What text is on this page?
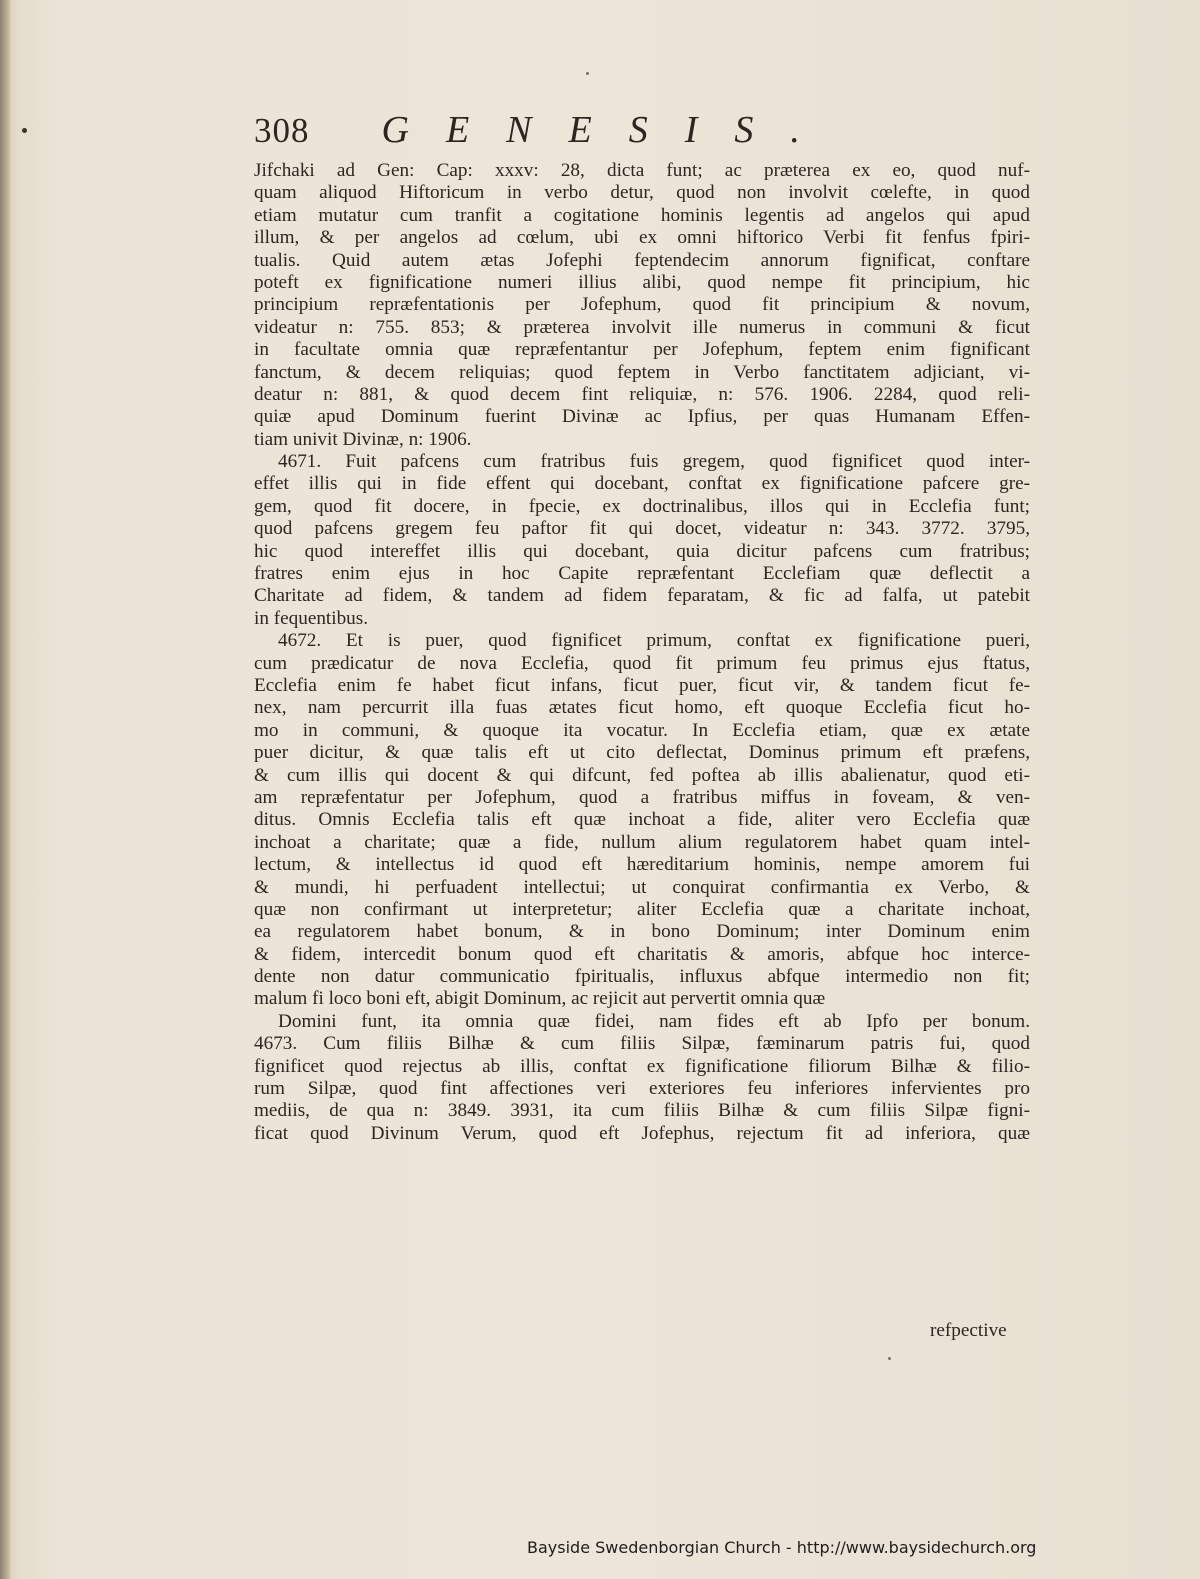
308 GENESIS.
Jifchaki ad Gen: Cap: xxxv: 28, dicta funt; ac præterea ex eo, quod nuf-
quam aliquod Hiftoricum in verbo detur, quod non involvit cœlefte, in quod
etiam mutatur cum tranfit a cogitatione hominis legentis ad angelos qui apud
illum, & per angelos ad cœlum, ubi ex omni hiftorico Verbi fit fenfus fpiri-
tualis. Quid autem ætas Jofephi feptendecim annorum fignificat, conftare
poteft ex fignificatione numeri illius alibi, quod nempe fit principium, hic
principium repræfentationis per Jofephum, quod fit principium & novum,
videatur n: 755. 853; & præterea involvit ille numerus in communi & ficut
in facultate omnia quæ repræfentantur per Jofephum, feptem enim fignificant
fanctum, & decem reliquias; quod feptem in Verbo fanctitatem adjiciant, vi-
deatur n: 881, & quod decem fint reliquiæ, n: 576. 1906. 2284, quod reli-
quiæ apud Dominum fuerint Divinæ ac Ipfius, per quas Humanam Effen-
tiam univit Divinæ, n: 1906.
4671. Fuit pafcens cum fratribus fuis gregem, quod fignificet quod inter-
effet illis qui in fide effent qui docebant, conftat ex fignificatione pafcere gre-
gem, quod fit docere, in fpecie, ex doctrinalibus, illos qui in Ecclefia funt;
quod pafcens gregem feu paftor fit qui docet, videatur n: 343. 3772. 3795,
hic quod intereffet illis qui docebant, quia dicitur pafcens cum fratribus;
fratres enim ejus in hoc Capite repræfentant Ecclefiam quæ deflectit a
Charitate ad fidem, & tandem ad fidem feparatam, & fic ad falfa, ut patebit
in fequentibus.
4672. Et is puer, quod fignificet primum, conftat ex fignificatione pueri,
cum prædicatur de nova Ecclefia, quod fit primum feu primus ejus ftatus,
Ecclefia enim fe habet ficut infans, ficut puer, ficut vir, & tandem ficut fe-
nex, nam percurrit illa fuas ætates ficut homo, eft quoque Ecclefia ficut ho-
mo in communi, & quoque ita vocatur. In Ecclefia etiam, quæ ex ætate
puer dicitur, & quæ talis eft ut cito deflectat, Dominus primum eft præfens,
& cum illis qui docent & qui difcunt, fed poftea ab illis abalienatur, quod eti-
am repræfentatur per Jofephum, quod a fratribus miffus in foveam, & ven-
ditus. Omnis Ecclefia talis eft quæ inchoat a fide, aliter vero Ecclefia quæ
inchoat a charitate; quæ a fide, nullum alium regulatorem habet quam intel-
lectum, & intellectus id quod eft hæreditarium hominis, nempe amorem fui
& mundi, hi perfuadent intellectui; ut conquirat confirmantia ex Verbo, &
quæ non confirmant ut interpretetur; aliter Ecclefia quæ a charitate inchoat,
ea regulatorem habet bonum, & in bono Dominum; inter Dominum enim
& fidem, intercedit bonum quod eft charitatis & amoris, abfque hoc interce-
dente non datur communicatio fpiritualis, influxus abfque intermedio non fit;
malum fi loco boni eft, abigit Dominum, ac rejicit aut pervertit omnia quæ
Domini funt, ita omnia quæ fidei, nam fides eft ab Ipfo per bonum.
4673. Cum filiis Bilhæ & cum filiis Silpæ, fæminarum patris fui, quod
fignificet quod rejectus ab illis, conftat ex fignificatione filiorum Bilhæ & filio-
rum Silpæ, quod fint affectiones veri exteriores feu inferiores infervientes pro
mediis, de qua n: 3849. 3931, ita cum filiis Bilhæ & cum filiis Silpæ figni-
ficat quod Divinum Verum, quod eft Jofephus, rejectum fit ad inferiora, quæ
refpective
Bayside Swedenborgian Church - http://www.baysidechurch.org
